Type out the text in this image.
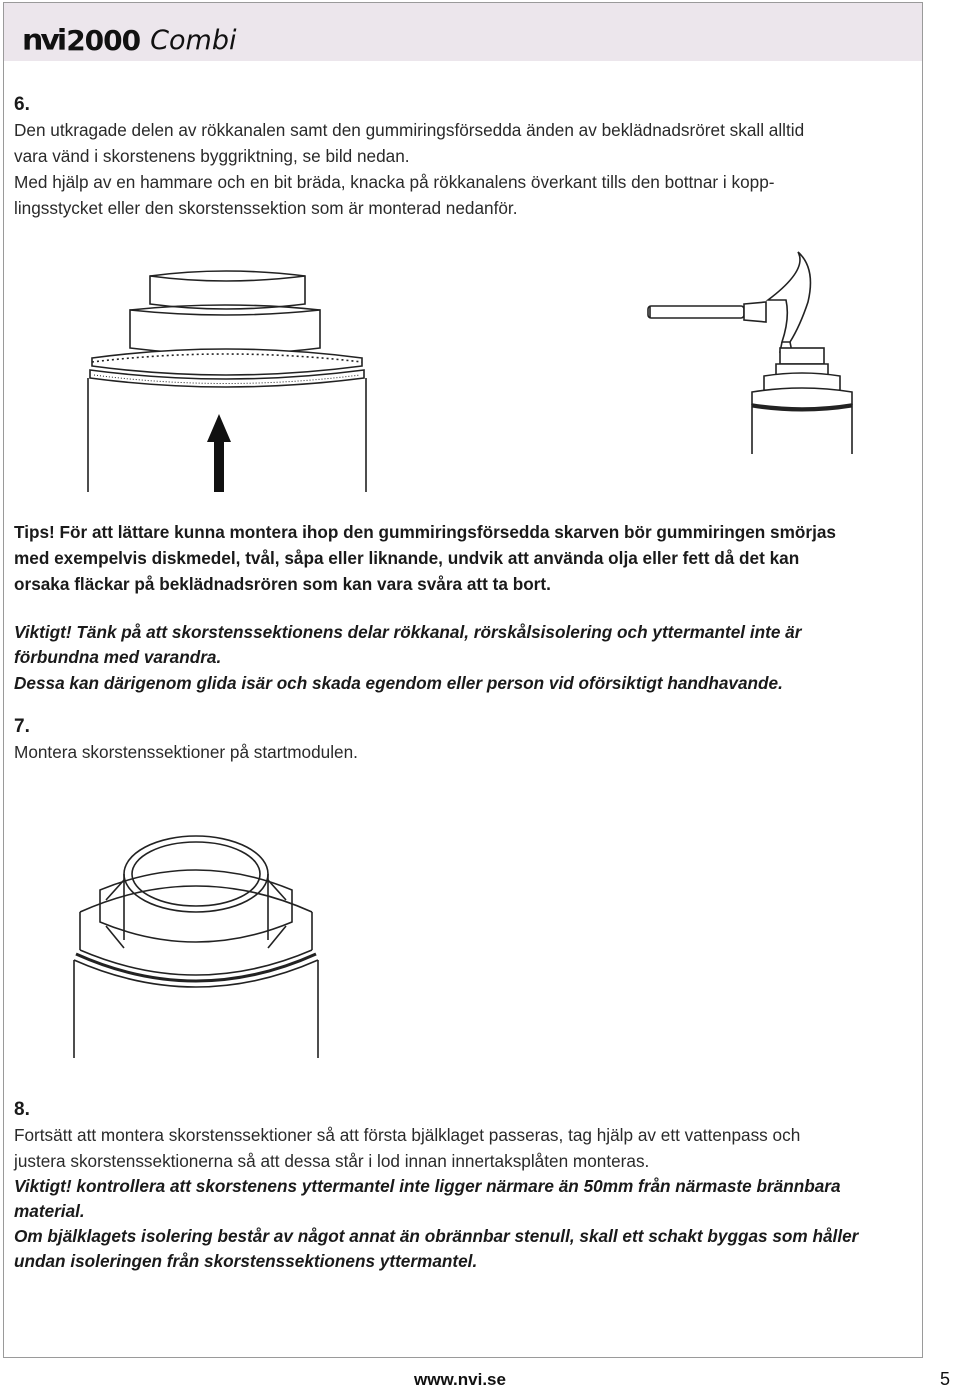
nvi 2000 Combi
6.
Den utkragade delen av rökkanalen samt den gummiringsförsedda änden av beklädnadsröret skall alltid
vara vänd i skorstenens byggriktning, se bild nedan.
Med hjälp av en hammare och en bit bräda, knacka på rökkanalens överkant tills den bottnar i kopp-
lingsstycket eller den skorstenssektion som är monterad nedanför.
Tips! För att lättare kunna montera ihop den gummiringsförsedda skarven bör gummiringen smörjas
med exempelvis diskmedel, tvål, såpa eller liknande, undvik att använda olja eller fett då det kan
orsaka fläckar på beklädnadsrören som kan vara svåra att ta bort.
Viktigt! Tänk på att skorstenssektionens delar rökkanal, rörskålsisolering och yttermantel inte är
förbundna med varandra.
Dessa kan därigenom glida isär och skada egendom eller person vid oförsiktigt handhavande.
7.
Montera skorstenssektioner på startmodulen.
8.
Fortsätt att montera skorstenssektioner så att första bjälklaget passeras, tag hjälp av ett vattenpass och
justera skorstenssektionerna så att dessa står i lod innan innertaksplåten monteras.
Viktigt! kontrollera att skorstenens yttermantel inte ligger närmare än 50mm från närmaste brännbara
material.
Om bjälklagets isolering består av något annat än obrännbar stenull, skall ett schakt byggas som håller
undan isoleringen från skorstenssektionens yttermantel.
www.nvi.se	5
